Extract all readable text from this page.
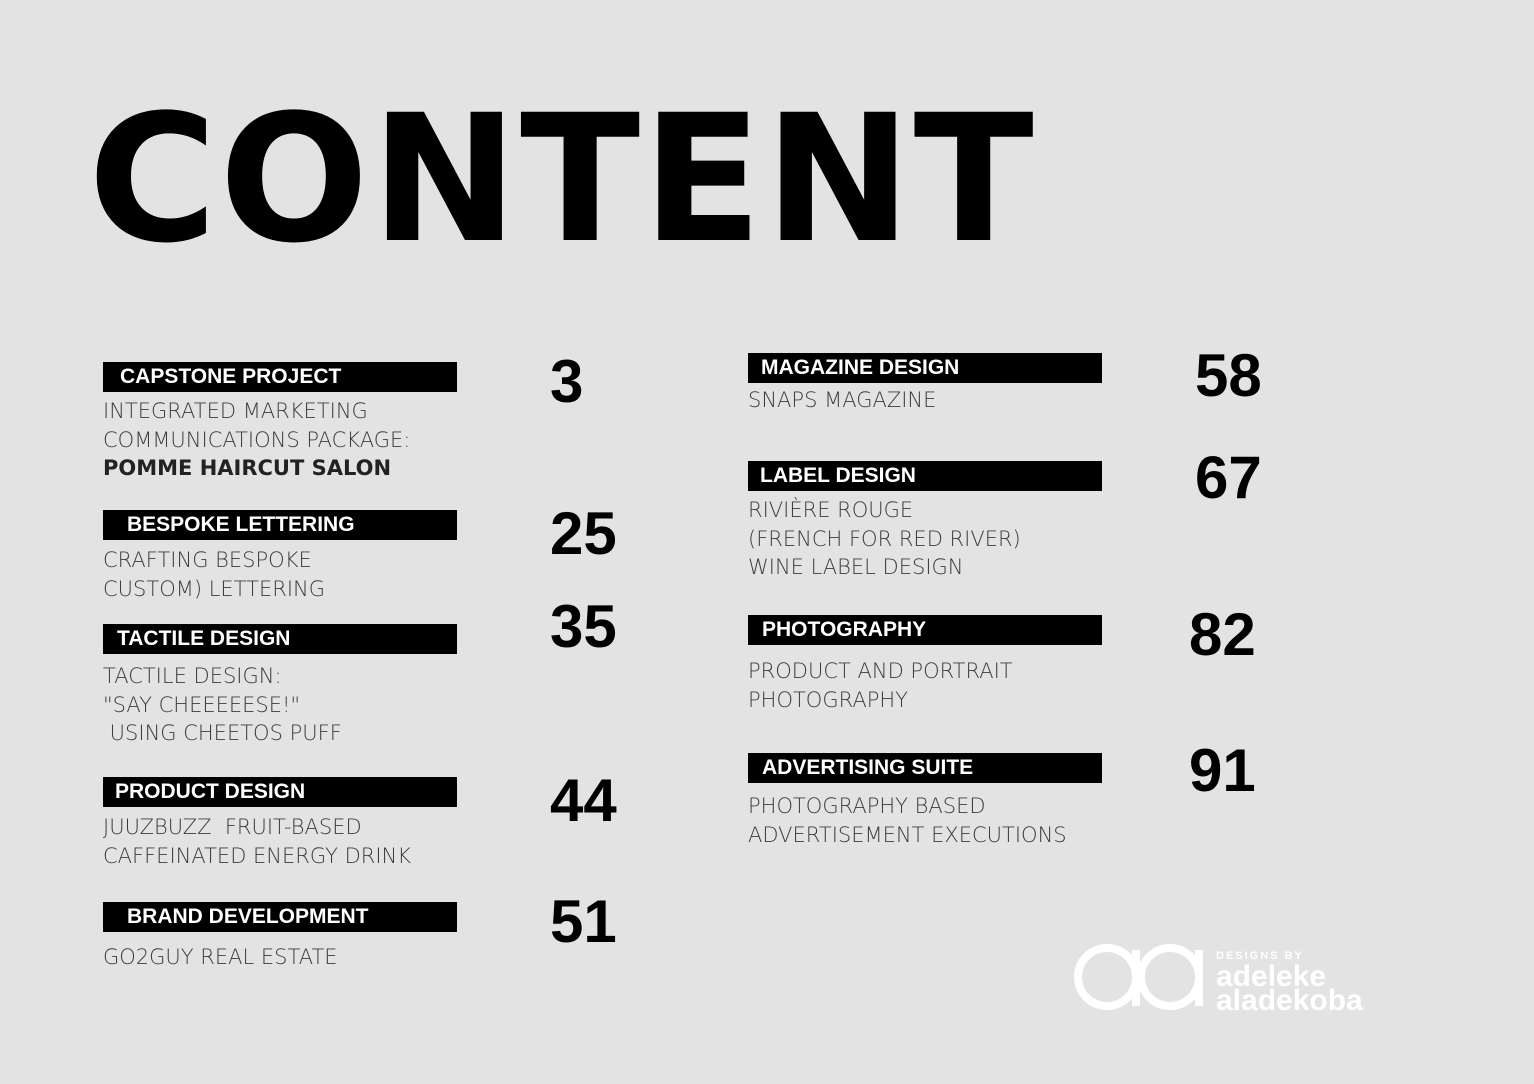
CONTENT
CAPSTONE PROJECT
INTEGRATED MARKETING
COMMUNICATIONS PACKAGE:
POMME HAIRCUT SALON
3
BESPOKE LETTERING
CRAFTING BESPOKE
CUSTOM) LETTERING
25
TACTILE DESIGN
TACTILE DESIGN:
"SAY CHEEEEESE!"
USING CHEETOS PUFF
35
PRODUCT DESIGN
JUUZBUZZ  FRUIT-BASED
CAFFEINATED ENERGY DRINK
44
BRAND DEVELOPMENT
GO2GUY REAL ESTATE
51
MAGAZINE DESIGN
SNAPS MAGAZINE	58
LABEL DESIGN
RIVIÈRE ROUGE
(FRENCH FOR RED RIVER)
WINE LABEL DESIGN
67
PHOTOGRAPHY
PRODUCT AND PORTRAIT
PHOTOGRAPHY
82
ADVERTISING SUITE
PHOTOGRAPHY BASED
ADVERTISEMENT EXECUTIONS
91
DESIGNS BY
adeleke
aladekoba
